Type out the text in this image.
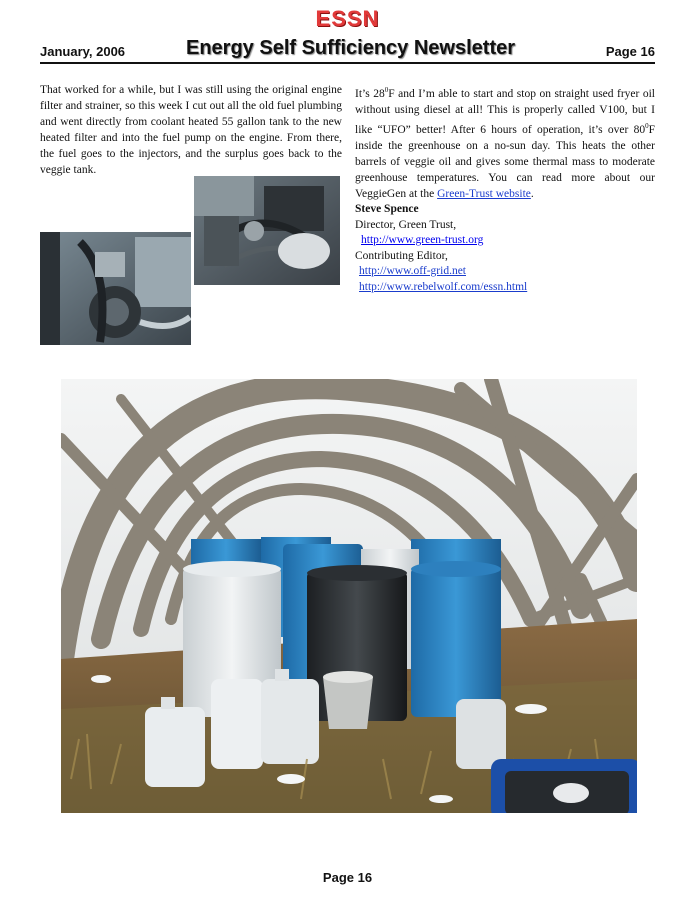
ESSN
January, 2006	Energy Self Sufficiency Newsletter	Page 16
That worked for a while, but I was still using the original engine filter and strainer, so this week I cut out all the old fuel plumbing and went directly from coolant heated 55 gallon tank to the new heated filter and into the fuel pump on the engine. From there, the fuel goes to the injectors, and the surplus goes back to the veggie tank.
It’s $28^0F$ and I’m able to start and stop on straight used fryer oil without using diesel at all! This is properly called V100, but I like “UFO” better! After 6 hours of operation, it’s over $80^0F$ inside the greenhouse on a no-sun day. This heats the other barrels of veggie oil and gives some thermal mass to moderate greenhouse temperatures. You can read more about our VeggieGen at the Green-Trust website.
Steve Spence
Director, Green Trust,
http://www.green-trust.org
Contributing Editor,
http://www.off-grid.net
http://www.rebelwolf.com/essn.html
Page 16
